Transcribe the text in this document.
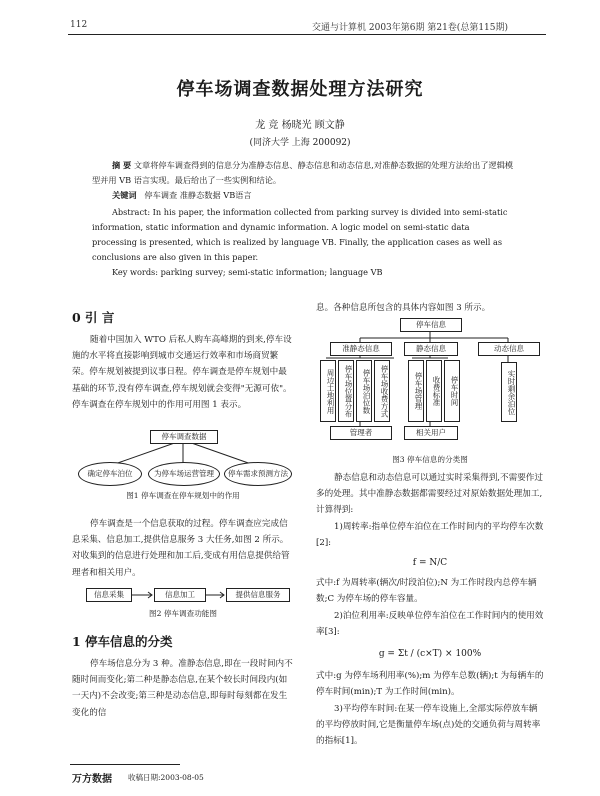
112	交通与计算机 2003年第6期 第21卷(总第115期)
停车场调查数据处理方法研究
龙 竞 杨晓光 顾文静
(同济大学 上海 200092)

摘 要 文章将停车调查得到的信息分为准静态信息、静态信息和动态信息,对准静态数据的处理方法给出了逻辑模型并用 VB 语言实现。最后给出了一些实例和结论。

关键词 停车调查 准静态数据 VB语言

Abstract: In his paper, the information collected from parking survey is divided into semi-static information, static information and dynamic information. A logic model on semi-static data processing is presented, which is realized by language VB. Finally, the application cases as well as conclusions are also given in this paper.

Key words: parking survey; semi-static information; language VB

0 引 言

随着中国加入 WTO 后私人购车高峰期的到来,停车设施的水平将直接影响到城市交通运行效率和市场商贸繁荣。停车规划被提到议事日程。停车调查是停车规划中最基础的环节,没有停车调查,停车规划就会变得"无源可依"。停车调查在停车规划中的作用可用图 1 表示。

停车调查数据
确定停车泊位	为停车场运营管理	停车需求预测方法
图1 停车调查在停车规划中的作用

停车调查是一个信息获取的过程。停车调查应完成信息采集、信息加工,提供信息服务 3 大任务,如图 2 所示。对收集到的信息进行处理和加工后,变成有用信息提供给管理者和相关用户。

信息采集	信息加工	提供信息服务
图2 停车调查功能图
1 停车信息的分类

停车场信息分为 3 种。准静态信息,即在一段时间内不随时间而变化;第二种是静态信息,在某个较长时间段内(如一天内)不会改变;第三种是动态信息,即每时每刻都在发生变化的信

息。各种信息所包含的具体内容如图 3 所示。

停车信息
准静态信息	静态信息	动态信息
周边土地利用	停车场位置分布	停车场泊位数	停车场收费方式	停车场管理	收费标准	停车时间	实时剩余泊位
管理者	相关用户
图3 停车信息的分类图

静态信息和动态信息可以通过实时采集得到,不需要作过多的处理。其中准静态数据都需要经过对原始数据处理加工,计算得到:

1)周转率:指单位停车泊位在工作时间内的平均停车次数[2]:

f = N/C

式中:f 为周转率(辆次/时段泊位);N 为工作时段内总停车辆数;C 为停车场的停车容量。

2)泊位利用率:反映单位停车泊位在工作时间内的使用效率[3]:

g = Σt / (c×T) × 100%

式中:g 为停车场利用率(%);m 为停车总数(辆);t 为每辆车的停车时间(min);T 为工作时间(min)。

3)平均停车时间:在某一停车设施上,全部实际停放车辆的平均停放时间,它是衡量停车场(点)处的交通负荷与周转率的指标[1]。

万方数据 收稿日期:2003-08-05
